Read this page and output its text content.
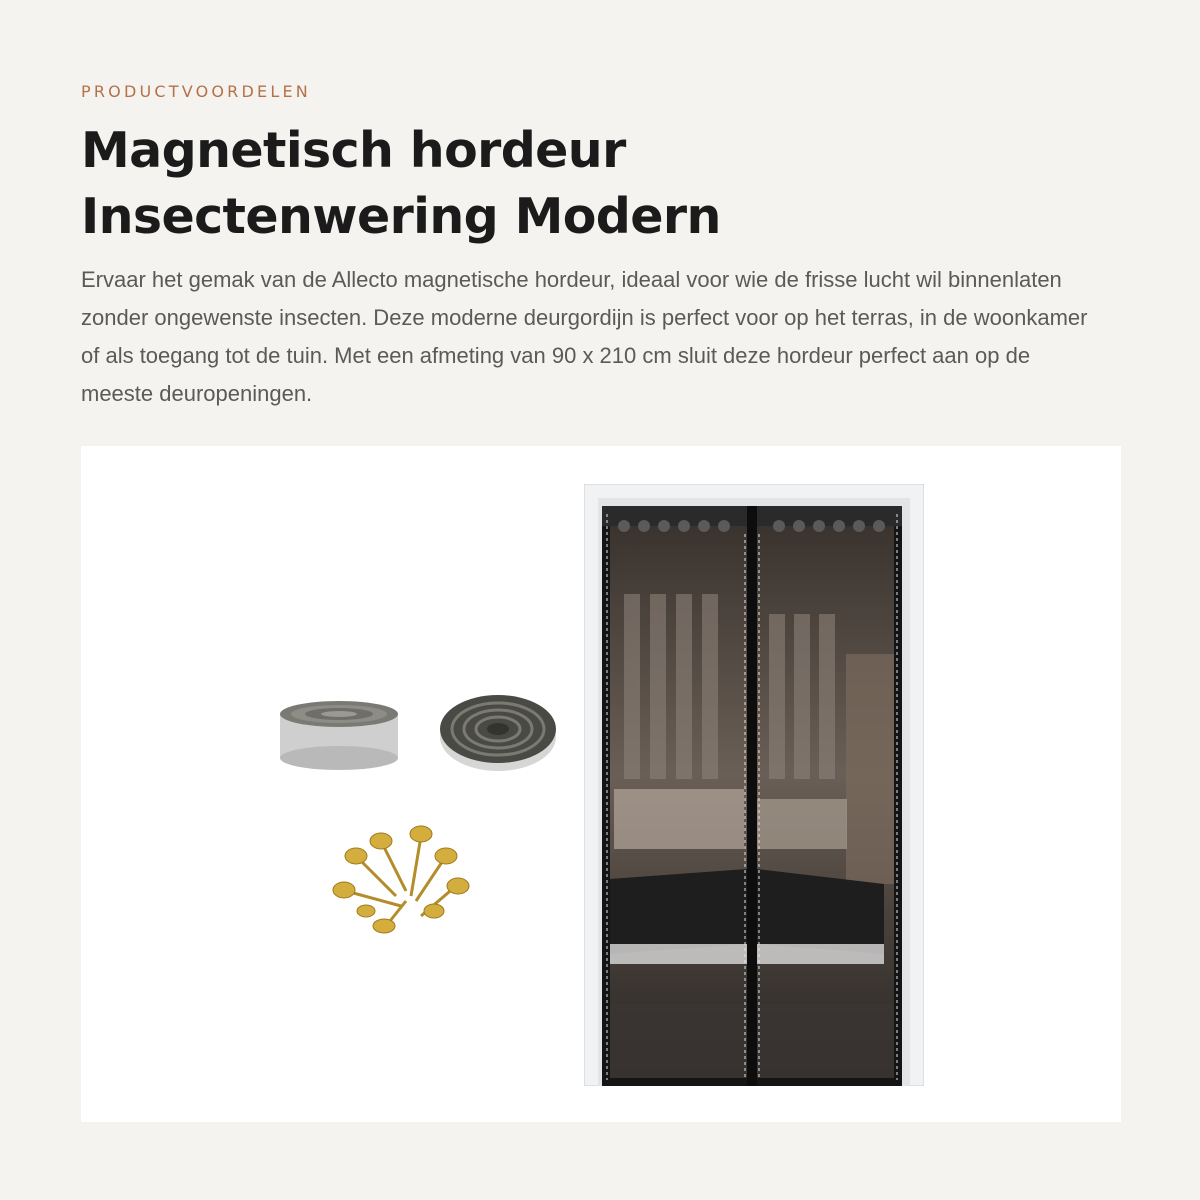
PRODUCTVOORDELEN

Magnetisch hordeur
Insectenwering Modern

Ervaar het gemak van de Allecto magnetische hordeur, ideaal voor wie de frisse lucht wil binnenlaten zonder ongewenste insecten. Deze moderne deurgordijn is perfect voor op het terras, in de woonkamer of als toegang tot de tuin. Met een afmeting van 90 x 210 cm sluit deze hordeur perfect aan op de meeste deuropeningen.
